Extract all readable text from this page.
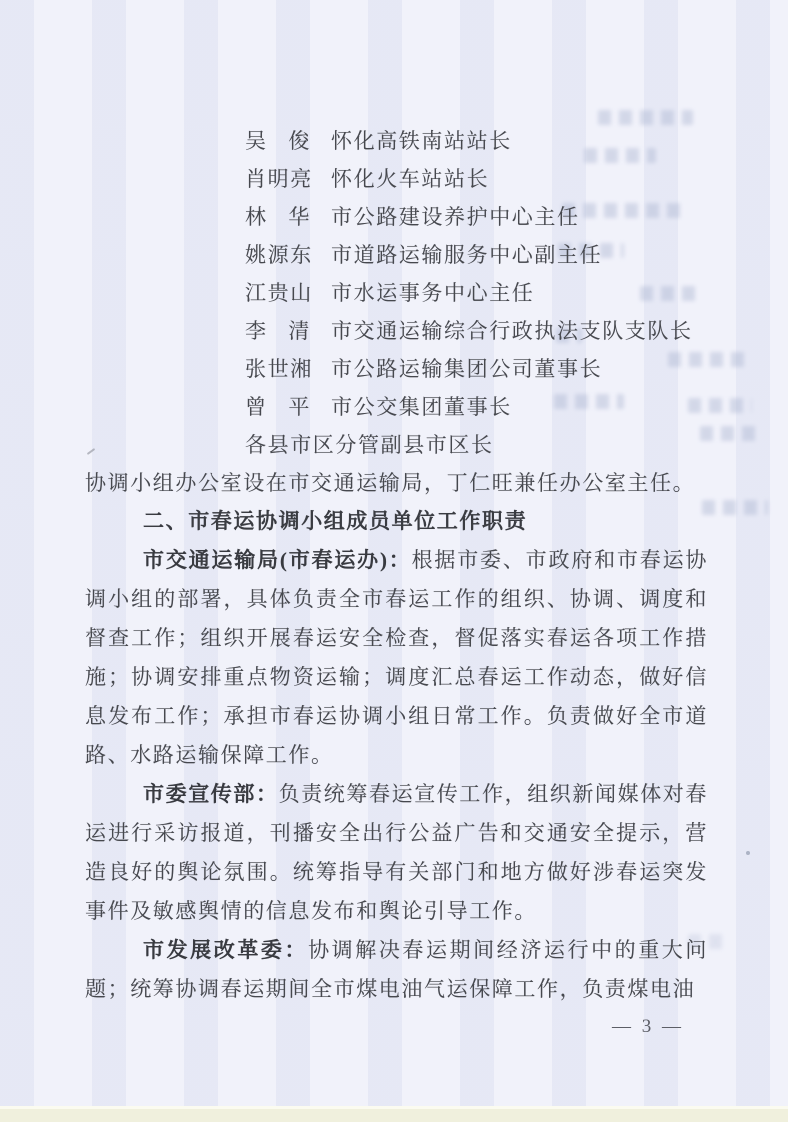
吴俊 怀化高铁南站站长
肖明亮 怀化火车站站长
林华 市公路建设养护中心主任
姚源东 市道路运输服务中心副主任
江贵山 市水运事务中心主任
李清 市交通运输综合行政执法支队支队长
张世湘 市公路运输集团公司董事长
曾平 市公交集团董事长
各县市区分管副县市区长

协调小组办公室设在市交通运输局，丁仁旺兼任办公室主任。

二、市春运协调小组成员单位工作职责

市交通运输局(市春运办)：根据市委、市政府和市春运协调小组的部署，具体负责全市春运工作的组织、协调、调度和督查工作；组织开展春运安全检查，督促落实春运各项工作措施；协调安排重点物资运输；调度汇总春运工作动态，做好信息发布工作；承担市春运协调小组日常工作。负责做好全市道路、水路运输保障工作。

市委宣传部：负责统筹春运宣传工作，组织新闻媒体对春运进行采访报道，刊播安全出行公益广告和交通安全提示，营造良好的舆论氛围。统筹指导有关部门和地方做好涉春运突发事件及敏感舆情的信息发布和舆论引导工作。

市发展改革委：协调解决春运期间经济运行中的重大问题；统筹协调春运期间全市煤电油气运保障工作，负责煤电油

— 3 —
